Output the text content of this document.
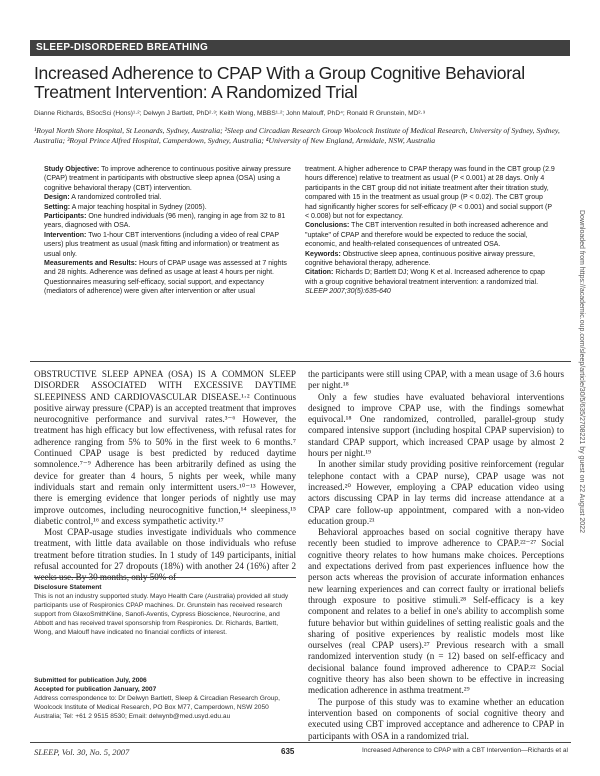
SLEEP-DISORDERED BREATHING
Increased Adherence to CPAP With a Group Cognitive Behavioral Treatment Intervention: A Randomized Trial
Dianne Richards, BSocSci (Hons)¹·²; Delwyn J Bartlett, PhD²·³; Keith Wong, MBBS¹·²; John Malouff, PhD⁴; Ronald R Grunstein, MD²·³
¹Royal North Shore Hospital, St Leonards, Sydney, Australia; ²Sleep and Circadian Research Group Woolcock Institute of Medical Research, University of Sydney, Sydney, Australia; ³Royal Prince Alfred Hospital, Camperdown, Sydney, Australia; ⁴University of New England, Armidale, NSW, Australia

Study Objective: To improve adherence to continuous positive airway pressure (CPAP) treatment in participants with obstructive sleep apnea (OSA) using a cognitive behavioral therapy (CBT) intervention.

Design: A randomized controlled trial.

Setting: A major teaching hospital in Sydney (2005).

Participants: One hundred individuals (96 men), ranging in age from 32 to 81 years, diagnosed with OSA.

Intervention: Two 1-hour CBT interventions (including a video of real CPAP users) plus treatment as usual (mask fitting and information) or treatment as usual only.

Measurements and Results: Hours of CPAP usage was assessed at 7 nights and 28 nights. Adherence was defined as usage at least 4 hours per night. Questionnaires measuring self-efficacy, social support, and expectancy (mediators of adherence) were given after intervention or after usual

treatment. A higher adherence to CPAP therapy was found in the CBT group (2.9 hours difference) relative to treatment as usual (P < 0.001) at 28 days. Only 4 participants in the CBT group did not initiate treatment after their titration study, compared with 15 in the treatment as usual group (P < 0.02). The CBT group had significantly higher scores for self-efficacy (P < 0.001) and social support (P < 0.008) but not for expectancy.

Conclusions: The CBT intervention resulted in both increased adherence and "uptake" of CPAP and therefore would be expected to reduce the social, economic, and health-related consequences of untreated OSA.

Keywords: Obstructive sleep apnea, continuous positive airway pressure, cognitive behavioral therapy, adherence.

Citation: Richards D; Bartlett DJ; Wong K et al. Increased adherence to cpap with a group cognitive behavioral treatment intervention: a randomized trial. SLEEP 2007;30(5):635-640

OBSTRUCTIVE SLEEP APNEA (OSA) IS A COMMON SLEEP DISORDER ASSOCIATED WITH EXCESSIVE DAYTIME SLEEPINESS AND CARDIOVASCULAR DISEASE.¹·² Continuous positive airway pressure (CPAP) is an accepted treatment that improves neurocognitive performance and survival rates.³⁻⁶ However, the treatment has high efficacy but low effectiveness, with refusal rates for adherence ranging from 5% to 50% in the first week to 6 months.⁷ Continued CPAP usage is best predicted by reduced daytime somnolence.⁷⁻⁹ Adherence has been arbitrarily defined as using the device for greater than 4 hours, 5 nights per week, while many individuals start and remain only intermittent users.¹⁰⁻¹³ However, there is emerging evidence that longer periods of nightly use may improve outcomes, including neurocognitive function,¹⁴ sleepiness,¹⁵ diabetic control,¹⁶ and excess sympathetic activity.¹⁷

Most CPAP-usage studies investigate individuals who commence treatment, with little data available on those individuals who refuse treatment before titration studies. In 1 study of 149 participants, initial refusal accounted for 27 dropouts (18%) with another 24 (16%) after 2

the participants were still using CPAP, with a mean usage of 3.6 hours per night.¹⁸

Only a few studies have evaluated behavioral interventions designed to improve CPAP use, with the findings somewhat equivocal.¹⁸ One randomized, controlled, parallel-group study compared intensive support (including hospital CPAP supervision) to standard CPAP support, which increased CPAP usage by almost 2 hours per night.¹⁹

In another similar study providing positive reinforcement (regular telephone contact with a CPAP nurse), CPAP usage was not increased.²⁰ However, employing a CPAP education video using actors discussing CPAP in lay terms did increase attendance at a CPAP care follow-up appointment, compared with a non-video education group.²¹

Behavioral approaches based on social cognitive therapy have recently been studied to improve adherence to CPAP.²²⁻²⁷ Social cognitive theory relates to how humans make choices. Perceptions and expectations derived from past experiences influence how the person acts whereas the provision of accurate information enhances new learning experiences and can correct faulty or irrational beliefs through exposure to positive stimuli.²⁸ Self-efficacy is a key component and relates to a belief in one's ability to accomplish some future behavior but within guidelines of setting realistic goals and the sharing of positive experiences by realistic models most like ourselves (real CPAP users).²⁷ Previous research with a small randomized intervention study (n = 12) based on self-efficacy and decisional balance found improved adherence to CPAP.²² Social cognitive theory has also been shown to be effective in increasing medication adherence in asthma treatment.²⁹

The purpose of this study was to examine whether an education intervention based on components of social cognitive theory and executed using CBT improved acceptance and adherence to CPAP in participants with OSA in a randomized trial.

Disclosure Statement
This is not an industry supported study. Mayo Health Care (Australia) provided all study participants use of Respironics CPAP machines. Dr. Grunstein has received research support from GlaxoSmithKline, Sanofi-Aventis, Cypress Bioscience, Neurocrine, and Abbott and has received travel sponsorship from Respironics. Dr. Richards, Bartlett, Wong, and Malouff have indicated no financial conflicts of interest.
Submitted for publication July, 2006
Accepted for publication January, 2007
Address correspondence to: Dr Delwyn Bartlett, Sleep & Circadian Research Group, Woolcock Institute of Medical Research, PO Box M77, Camperdown, NSW 2050 Australia; Tel: +61 2 9515 8530; Email: delwynb@med.usyd.edu.au
SLEEP, Vol. 30, No. 5, 2007	635	Increased Adherence to CPAP with a CBT Intervention—Richards et al
Downloaded from https://academic.oup.com/sleep/article/30/5/635/2708221 by guest on 22 August 2022
